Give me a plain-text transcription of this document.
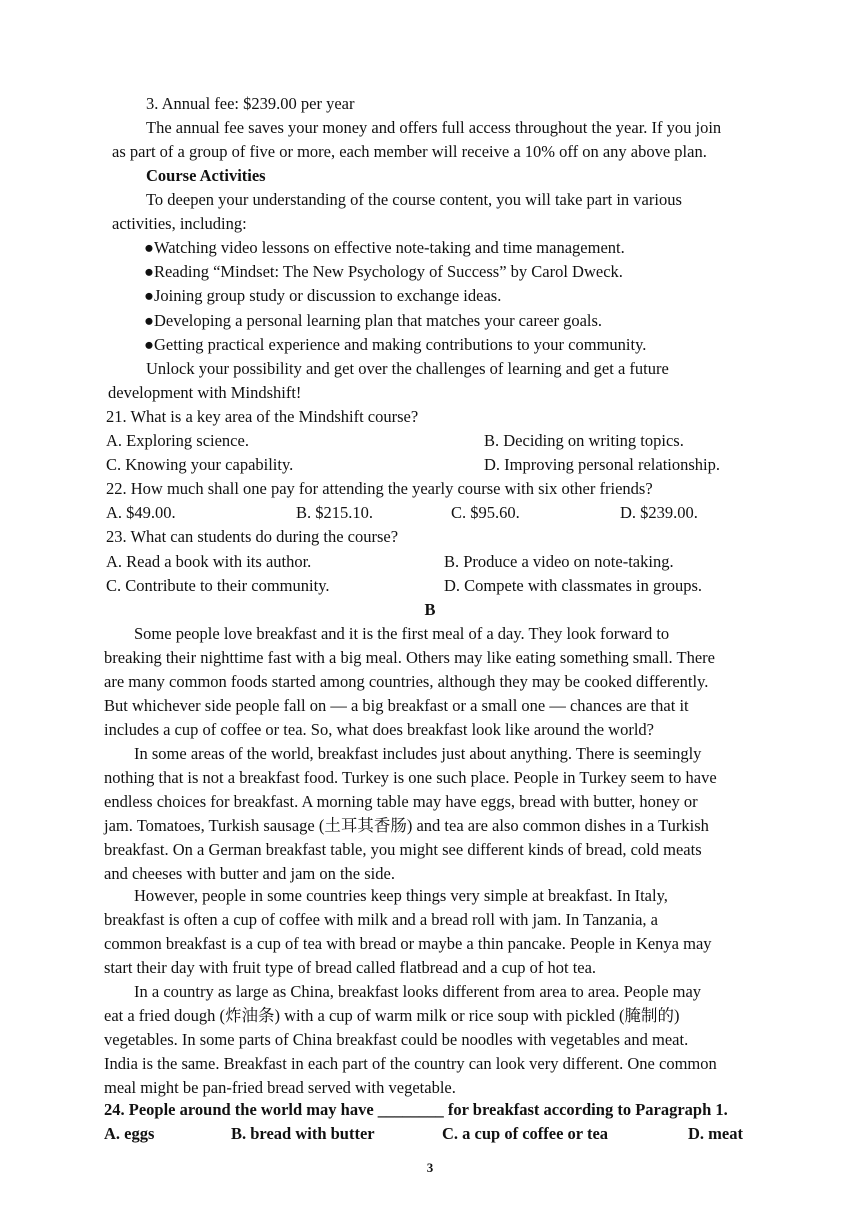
3. Annual fee: $239.00 per year
The annual fee saves your money and offers full access throughout the year. If you join
as part of a group of five or more, each member will receive a 10% off on any above plan.
Course Activities
To deepen your understanding of the course content, you will take part in various
activities, including:
●Watching video lessons on effective note-taking and time management.
●Reading “Mindset: The New Psychology of Success” by Carol Dweck.
●Joining group study or discussion to exchange ideas.
●Developing a personal learning plan that matches your career goals.
●Getting practical experience and making contributions to your community.
Unlock your possibility and get over the challenges of learning and get a future
development with Mindshift!
21. What is a key area of the Mindshift course?
A. Exploring science.	B. Deciding on writing topics.
C. Knowing your capability.	D. Improving personal relationship.
22. How much shall one pay for attending the yearly course with six other friends?
A. $49.00.	B. $215.10.	C. $95.60.	D. $239.00.
23. What can students do during the course?
A. Read a book with its author.	B. Produce a video on note-taking.
C. Contribute to their community.	D. Compete with classmates in groups.
B
Some people love breakfast and it is the first meal of a day. They look forward to
breaking their nighttime fast with a big meal. Others may like eating something small. There
are many common foods started among countries, although they may be cooked differently.
But whichever side people fall on — a big breakfast or a small one — chances are that it
includes a cup of coffee or tea. So, what does breakfast look like around the world?
In some areas of the world, breakfast includes just about anything. There is seemingly
nothing that is not a breakfast food. Turkey is one such place. People in Turkey seem to have
endless choices for breakfast. A morning table may have eggs, bread with butter, honey or
jam. Tomatoes, Turkish sausage (土耳其香肠) and tea are also common dishes in a Turkish
breakfast. On a German breakfast table, you might see different kinds of bread, cold meats
and cheeses with butter and jam on the side.
However, people in some countries keep things very simple at breakfast. In Italy,
breakfast is often a cup of coffee with milk and a bread roll with jam. In Tanzania, a
common breakfast is a cup of tea with bread or maybe a thin pancake. People in Kenya may
start their day with fruit type of bread called flatbread and a cup of hot tea.
In a country as large as China, breakfast looks different from area to area. People may
eat a fried dough (炸油条) with a cup of warm milk or rice soup with pickled (腌制的)
vegetables. In some parts of China breakfast could be noodles with vegetables and meat.
India is the same. Breakfast in each part of the country can look very different. One common
meal might be pan-fried bread served with vegetable.
24. People around the world may have ________ for breakfast according to Paragraph 1.
A. eggs	B. bread with butter	C. a cup of coffee or tea	D. meat
3
